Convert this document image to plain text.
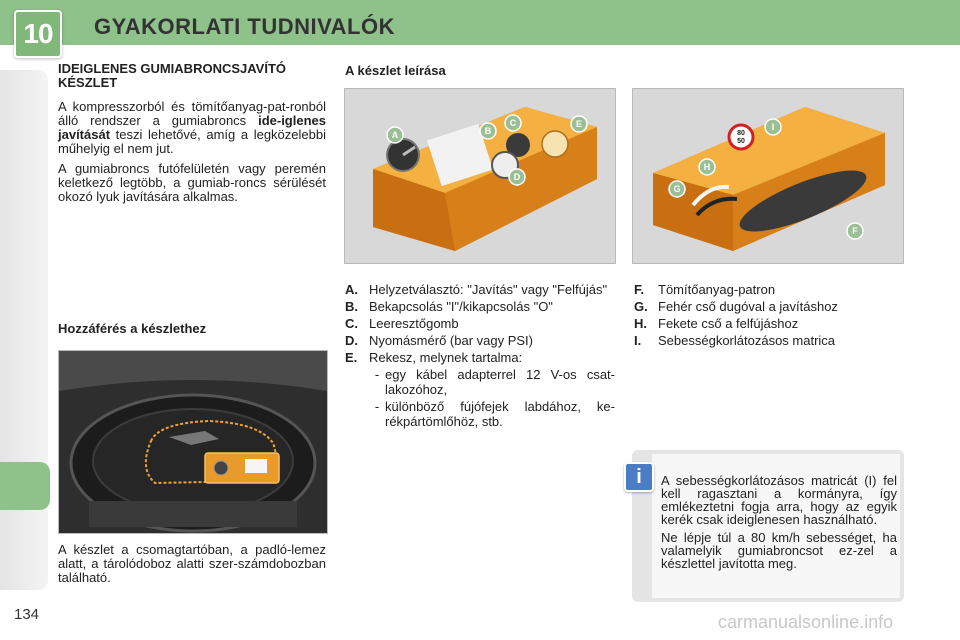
10	GYAKORLATI TUDNIVALÓK
IDEIGLENES GUMIABRONCSJAVÍTÓ KÉSZLET

A kompresszorból és tömítőanyag-pat-ronból álló rendszer a gumiabroncs ide-iglenes javítását teszi lehetővé, amíg a legközelebbi műhelyig el nem jut.

A gumiabroncs futófelületén vagy peremén keletkező legtöbb, a gumiab-roncs sérülését okozó lyuk javítására alkalmas.

Hozzáférés a készlethez
A készlet a csomagtartóban, a padló-lemez alatt, a tárolódoboz alatti szer-számdobozban található.
A készlet leírása
A	B
C
D
E
A. Helyzetválasztó: "Javítás" vagy "Felfújás"
B. Bekapcsolás "I"/kikapcsolás "O"
C. Leeresztőgomb
D. Nyomásmérő (bar vagy PSI)
E. Rekesz, melynek tartalma:
- egy kábel adapterrel 12 V-os csat-lakozóhoz,
- különböző fújófejek labdához, ke-rékpártömlőhöz, stb.
80
50
F
G
H
I
F.	Tömítőanyag-patron
G. Fehér cső dugóval a javításhoz
H. Fekete cső a felfújáshoz
I.	Sebességkorlátozásos matrica
i	A sebességkorlátozásos matricát (I) fel kell ragasztani a kormányra, így emlékeztetni fogja arra, hogy az egyik kerék csak ideiglenesen használható.

Ne lépje túl a 80 km/h sebességet, ha valamelyik gumiabroncsot ez-zel a készlettel javította meg.

134	carmanualsonline.info
